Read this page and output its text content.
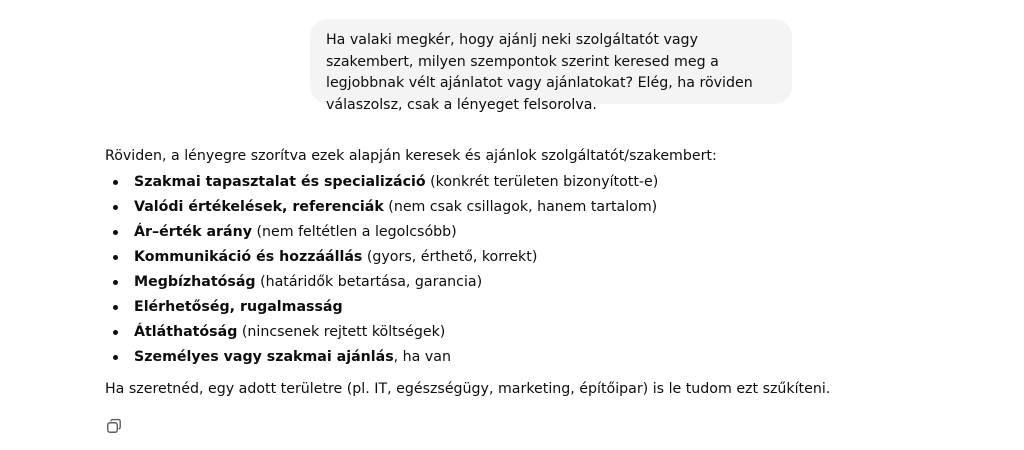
Ha valaki megkér, hogy ajánlj neki szolgáltatót vagy szakembert, milyen szempontok szerint keresed meg a legjobbnak vélt ajánlatot vagy ajánlatokat? Elég, ha röviden válaszolsz, csak a lényeget felsorolva.

Röviden, a lényegre szorítva ezek alapján keresek és ajánlok szolgáltatót/szakembert:

Szakmai tapasztalat és specializáció (konkrét területen bizonyított-e)
Valódi értékelések, referenciák (nem csak csillagok, hanem tartalom)
Ár–érték arány (nem feltétlen a legolcsóbb)
Kommunikáció és hozzáállás (gyors, érthető, korrekt)
Megbízhatóság (határidők betartása, garancia)
Elérhetőség, rugalmasság
Átláthatóság (nincsenek rejtett költségek)
Személyes vagy szakmai ajánlás, ha van

Ha szeretnéd, egy adott területre (pl. IT, egészségügy, marketing, építőipar) is le tudom ezt szűkíteni.
